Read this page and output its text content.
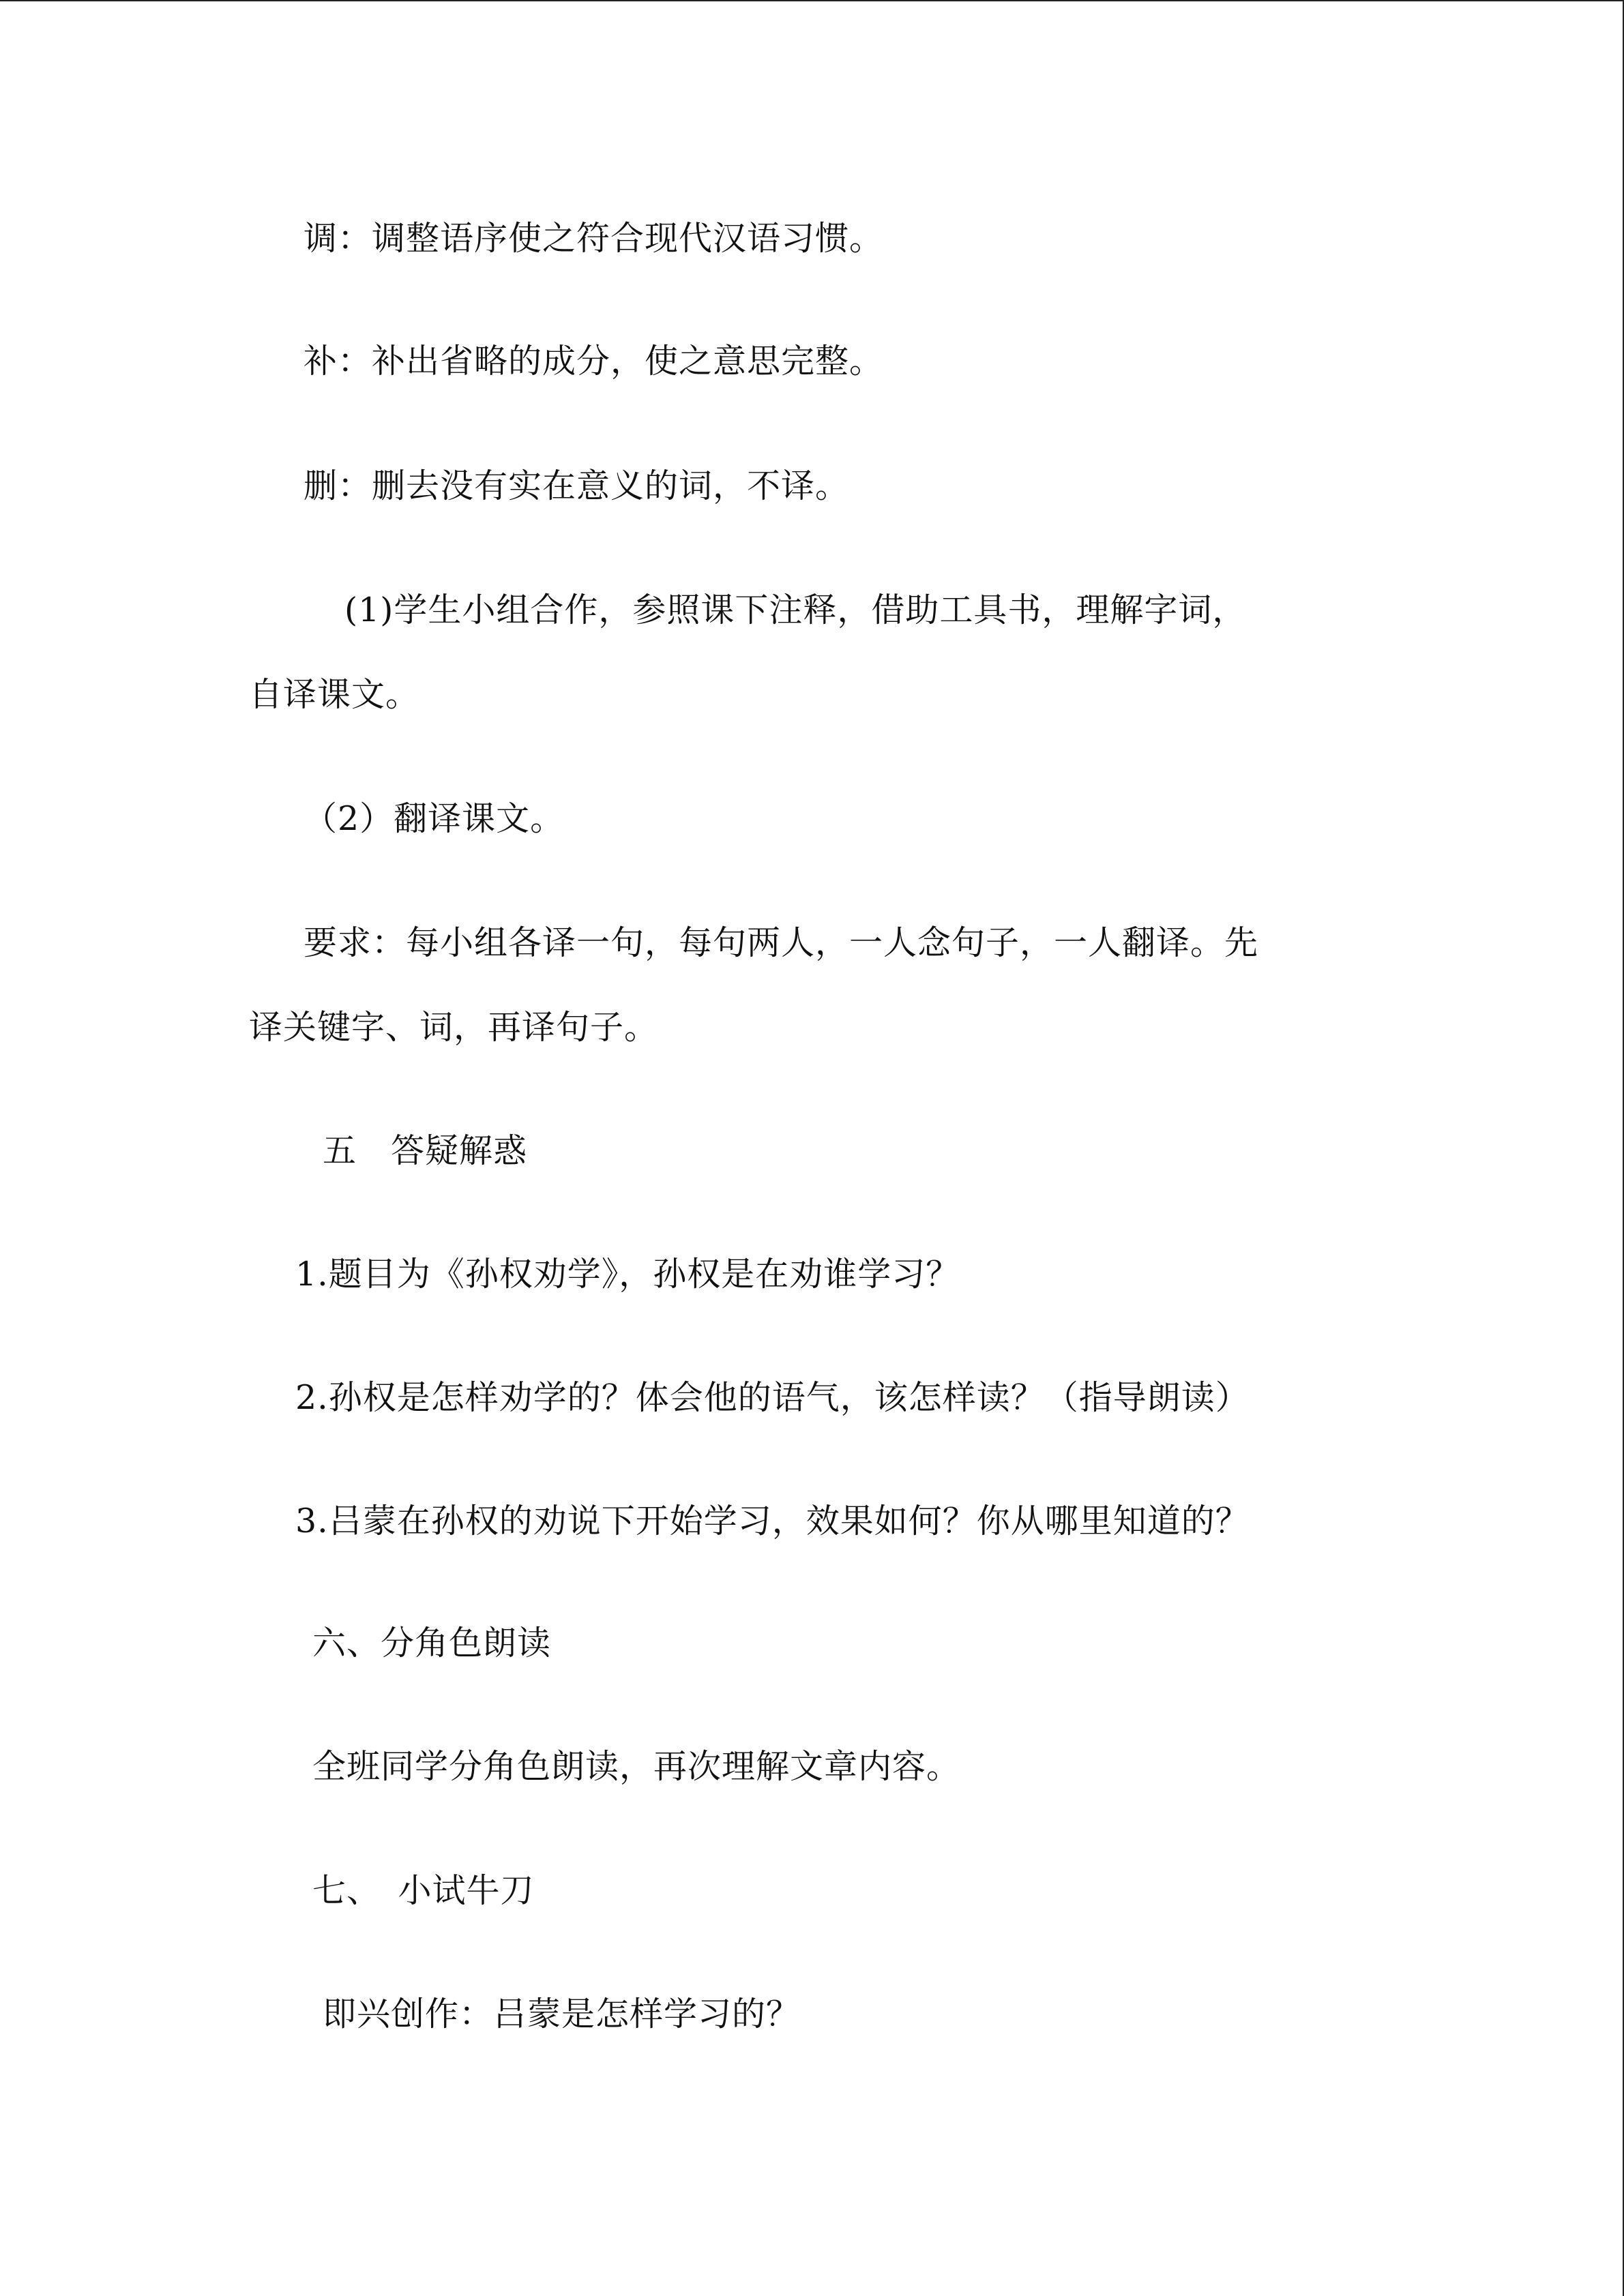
调：调整语序使之符合现代汉语习惯。
补：补出省略的成分，使之意思完整。
删：删去没有实在意义的词，不译。
(1)学生小组合作，参照课下注释，借助工具书，理解字词，
自译课文。
（2）翻译课文。
要求：每小组各译一句，每句两人，一人念句子，一人翻译。先
译关键字、词，再译句子。
五　答疑解惑
1.题目为《孙权劝学》，孙权是在劝谁学习？
2.孙权是怎样劝学的？体会他的语气，该怎样读？（指导朗读）
3.吕蒙在孙权的劝说下开始学习，效果如何？你从哪里知道的？
六、分角色朗读
全班同学分角色朗读，再次理解文章内容。
七、　小试牛刀
即兴创作：吕蒙是怎样学习的？
